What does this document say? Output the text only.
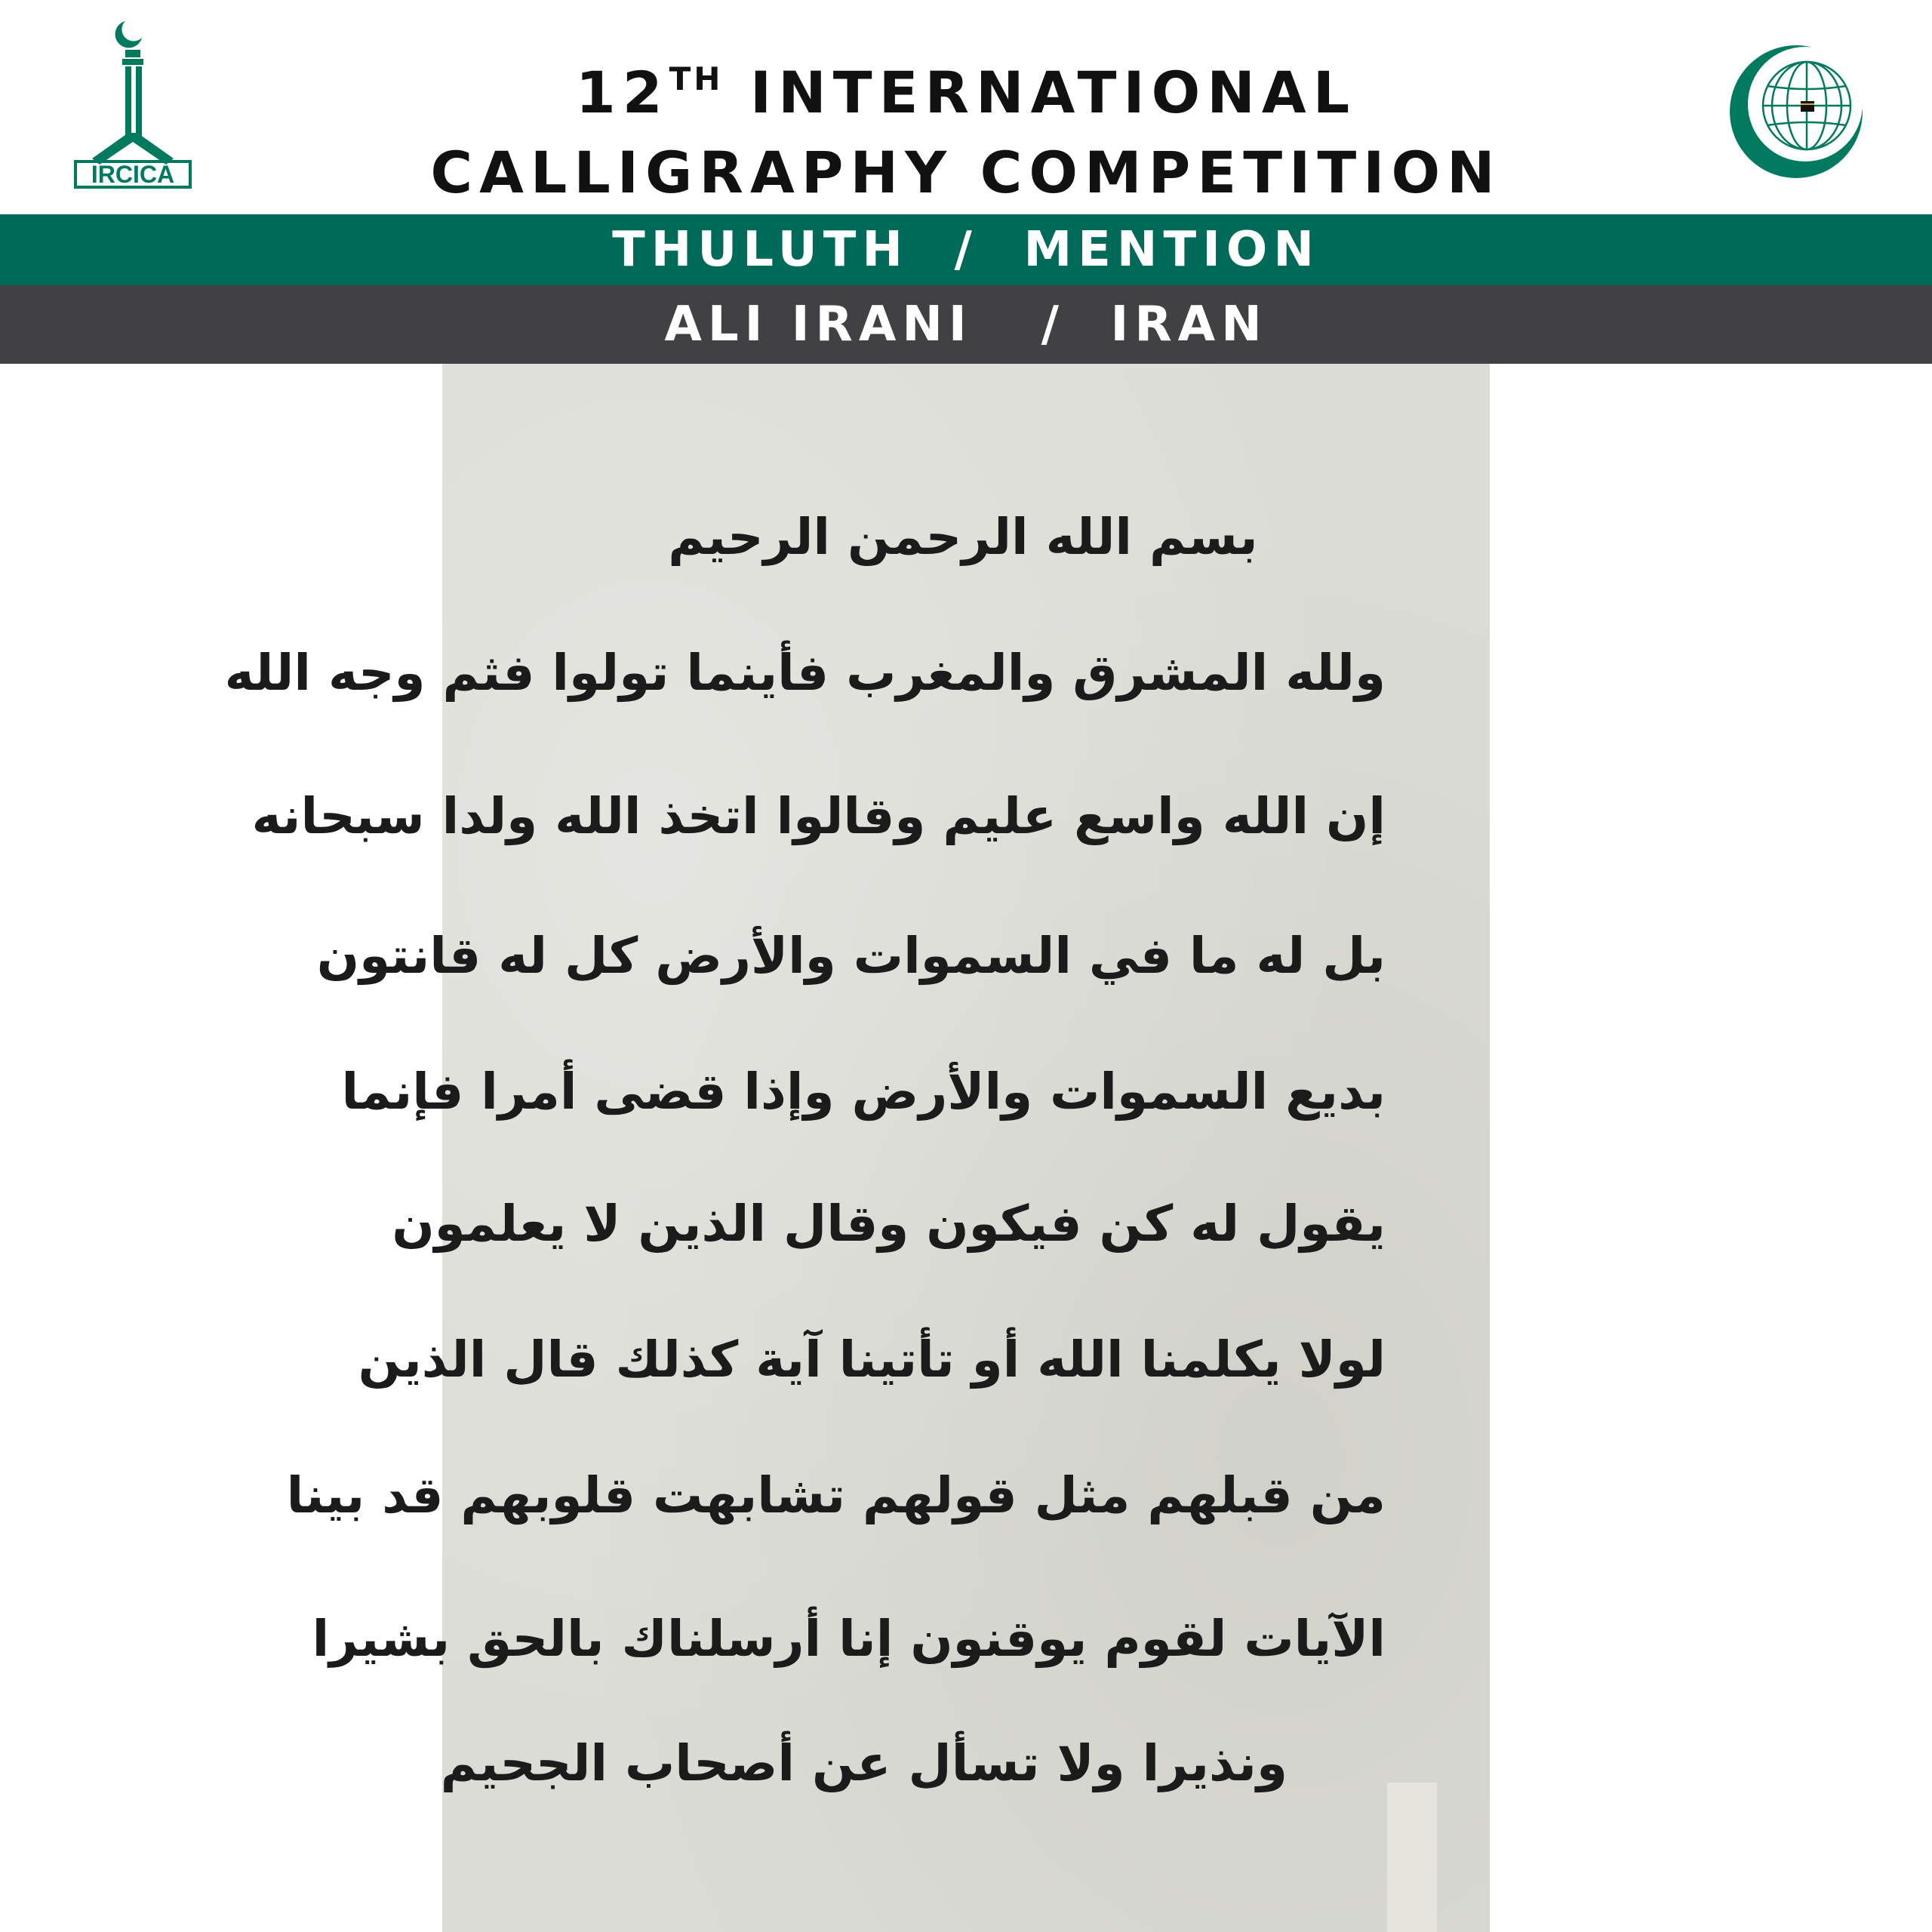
IRCICA
12TH INTERNATIONAL
CALLIGRAPHY COMPETITION
THULUTH  /  MENTION
ALI IRANI   /  IRAN
بسم الله الرحمن الرحيم
ولله المشرق والمغرب فأينما تولوا فثم وجه الله
إن الله واسع عليم وقالوا اتخذ الله ولدا سبحانه
بل له ما في السموات والأرض كل له قانتون
بديع السموات والأرض وإذا قضى أمرا فإنما
يقول له كن فيكون وقال الذين لا يعلمون
لولا يكلمنا الله أو تأتينا آية كذلك قال الذين
من قبلهم مثل قولهم تشابهت قلوبهم قد بينا
الآيات لقوم يوقنون إنا أرسلناك بالحق بشيرا
ونذيرا ولا تسأل عن أصحاب الجحيم
